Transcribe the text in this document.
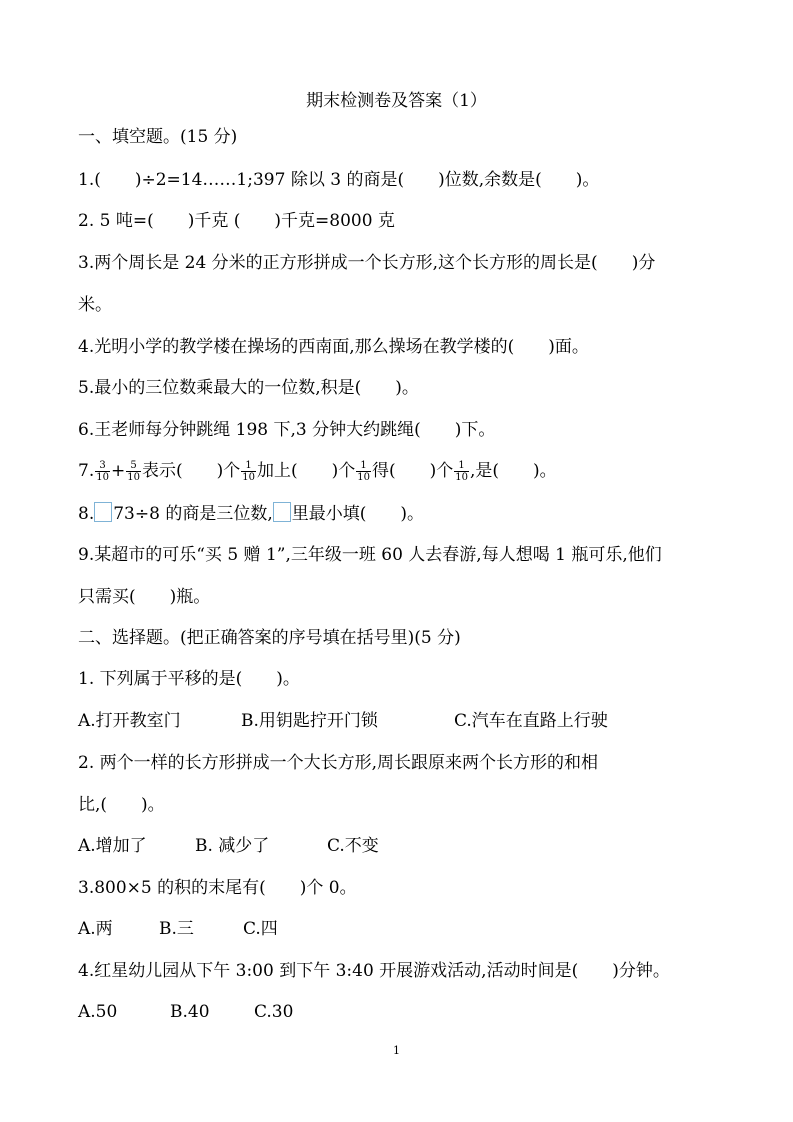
期末检测卷及答案（1）
一、填空题。(15 分)
1.(　　)÷2=14……1;397 除以 3 的商是(　　)位数,余数是(　　)。
2. 5 吨=(　　)千克 (　　)千克=8000 克
3.两个周长是 24 分米的正方形拼成一个长方形,这个长方形的周长是(　　)分
米。
4.光明小学的教学楼在操场的西南面,那么操场在教学楼的(　　)面。
5.最小的三位数乘最大的一位数,积是(　　)。
6.王老师每分钟跳绳 198 下,3 分钟大约跳绳(　　)下。
7. $\frac{3}{10} + \frac{5}{10}$ 表示(　　)个 $\frac{1}{10}$ 加上(　　)个 $\frac{1}{10}$ 得(　　)个 $\frac{1}{10}$ ,是(　　)。
8. 73÷8 的商是三位数, 里最小填(　　)。
9.某超市的可乐“买 5 赠 1”,三年级一班 60 人去春游,每人想喝 1 瓶可乐,他们
只需买(　　)瓶。
二、选择题。(把正确答案的序号填在括号里)(5 分)
1. 下列属于平移的是(　　)。
A.打开教室门	B.用钥匙拧开门锁	C.汽车在直路上行驶
2. 两个一样的长方形拼成一个大长方形,周长跟原来两个长方形的和相
比,(　　)。
A.增加了	B. 减少了	C.不变
3.800×5 的积的末尾有(　　)个 0。
A.两	B.三	C.四
4.红星幼儿园从下午 3:00 到下午 3:40 开展游戏活动,活动时间是(　　)分钟。
A.50	B.40	C.30
1
